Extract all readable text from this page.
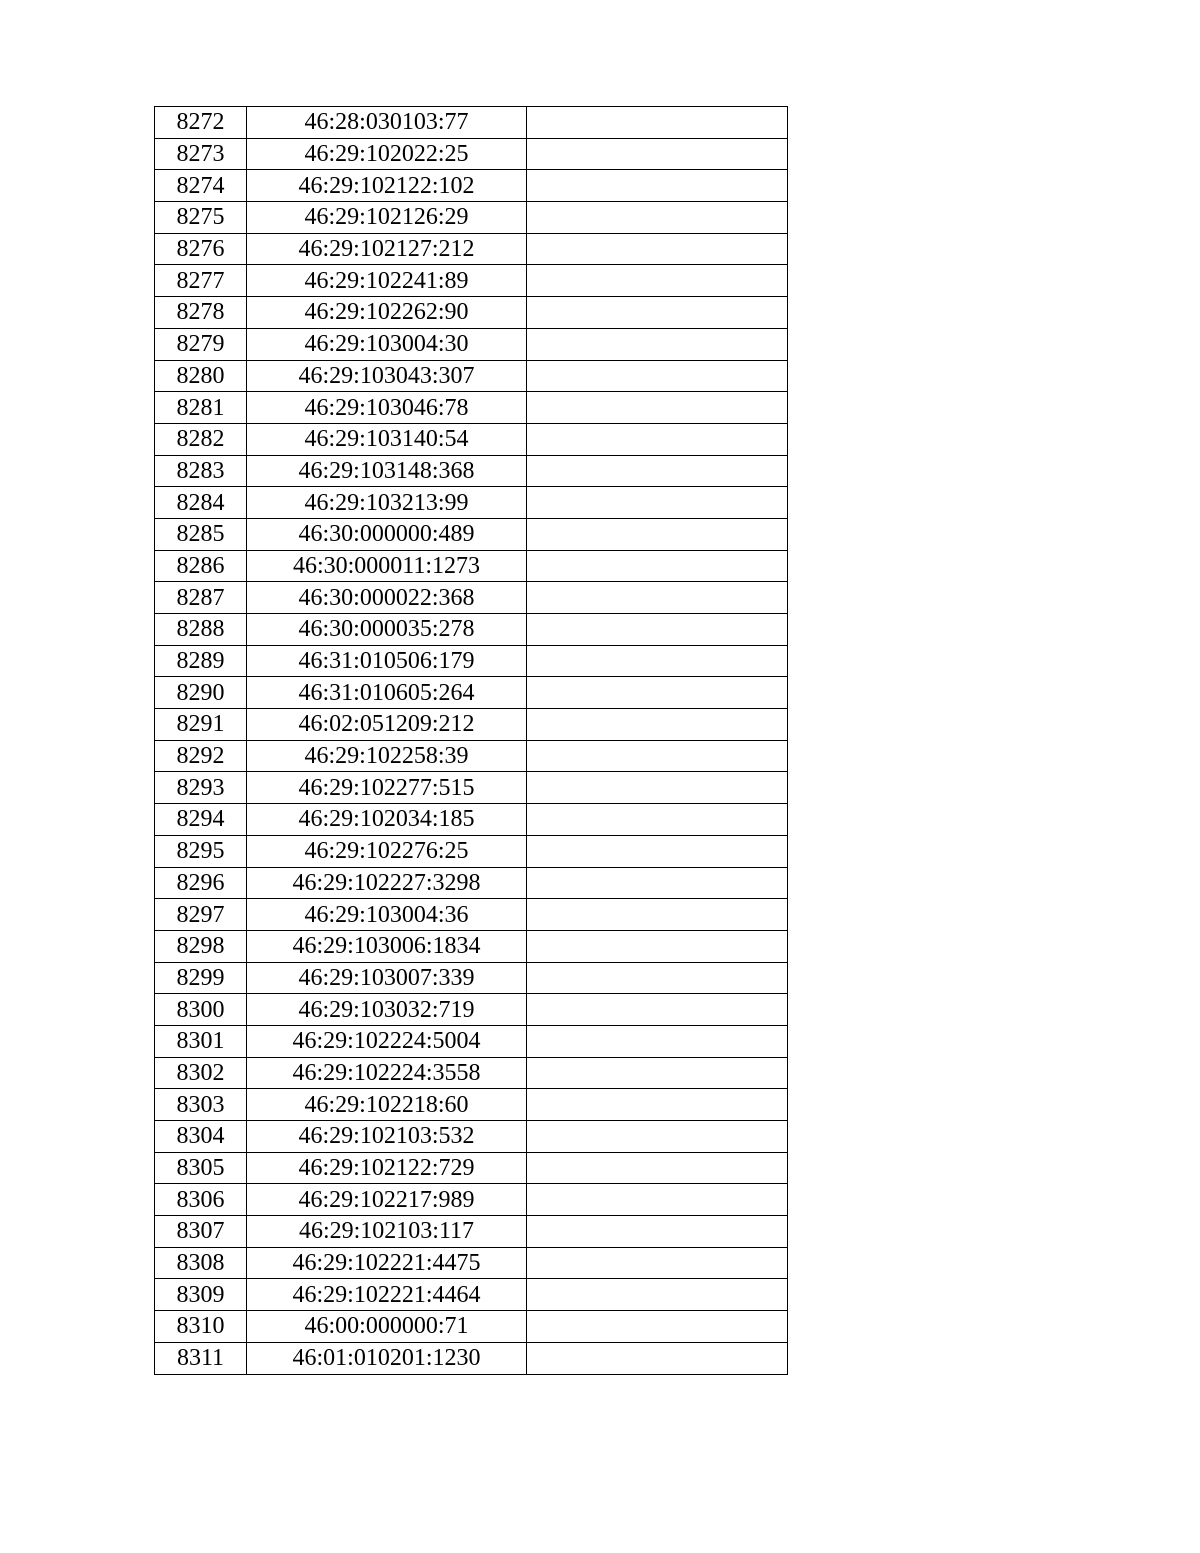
8272	46:28:030103:77	
8273	46:29:102022:25	
8274	46:29:102122:102	
8275	46:29:102126:29	
8276	46:29:102127:212	
8277	46:29:102241:89	
8278	46:29:102262:90	
8279	46:29:103004:30	
8280	46:29:103043:307	
8281	46:29:103046:78	
8282	46:29:103140:54	
8283	46:29:103148:368	
8284	46:29:103213:99	
8285	46:30:000000:489	
8286	46:30:000011:1273	
8287	46:30:000022:368	
8288	46:30:000035:278	
8289	46:31:010506:179	
8290	46:31:010605:264	
8291	46:02:051209:212	
8292	46:29:102258:39	
8293	46:29:102277:515	
8294	46:29:102034:185	
8295	46:29:102276:25	
8296	46:29:102227:3298	
8297	46:29:103004:36	
8298	46:29:103006:1834	
8299	46:29:103007:339	
8300	46:29:103032:719	
8301	46:29:102224:5004	
8302	46:29:102224:3558	
8303	46:29:102218:60	
8304	46:29:102103:532	
8305	46:29:102122:729	
8306	46:29:102217:989	
8307	46:29:102103:117	
8308	46:29:102221:4475	
8309	46:29:102221:4464	
8310	46:00:000000:71	
8311	46:01:010201:1230	
